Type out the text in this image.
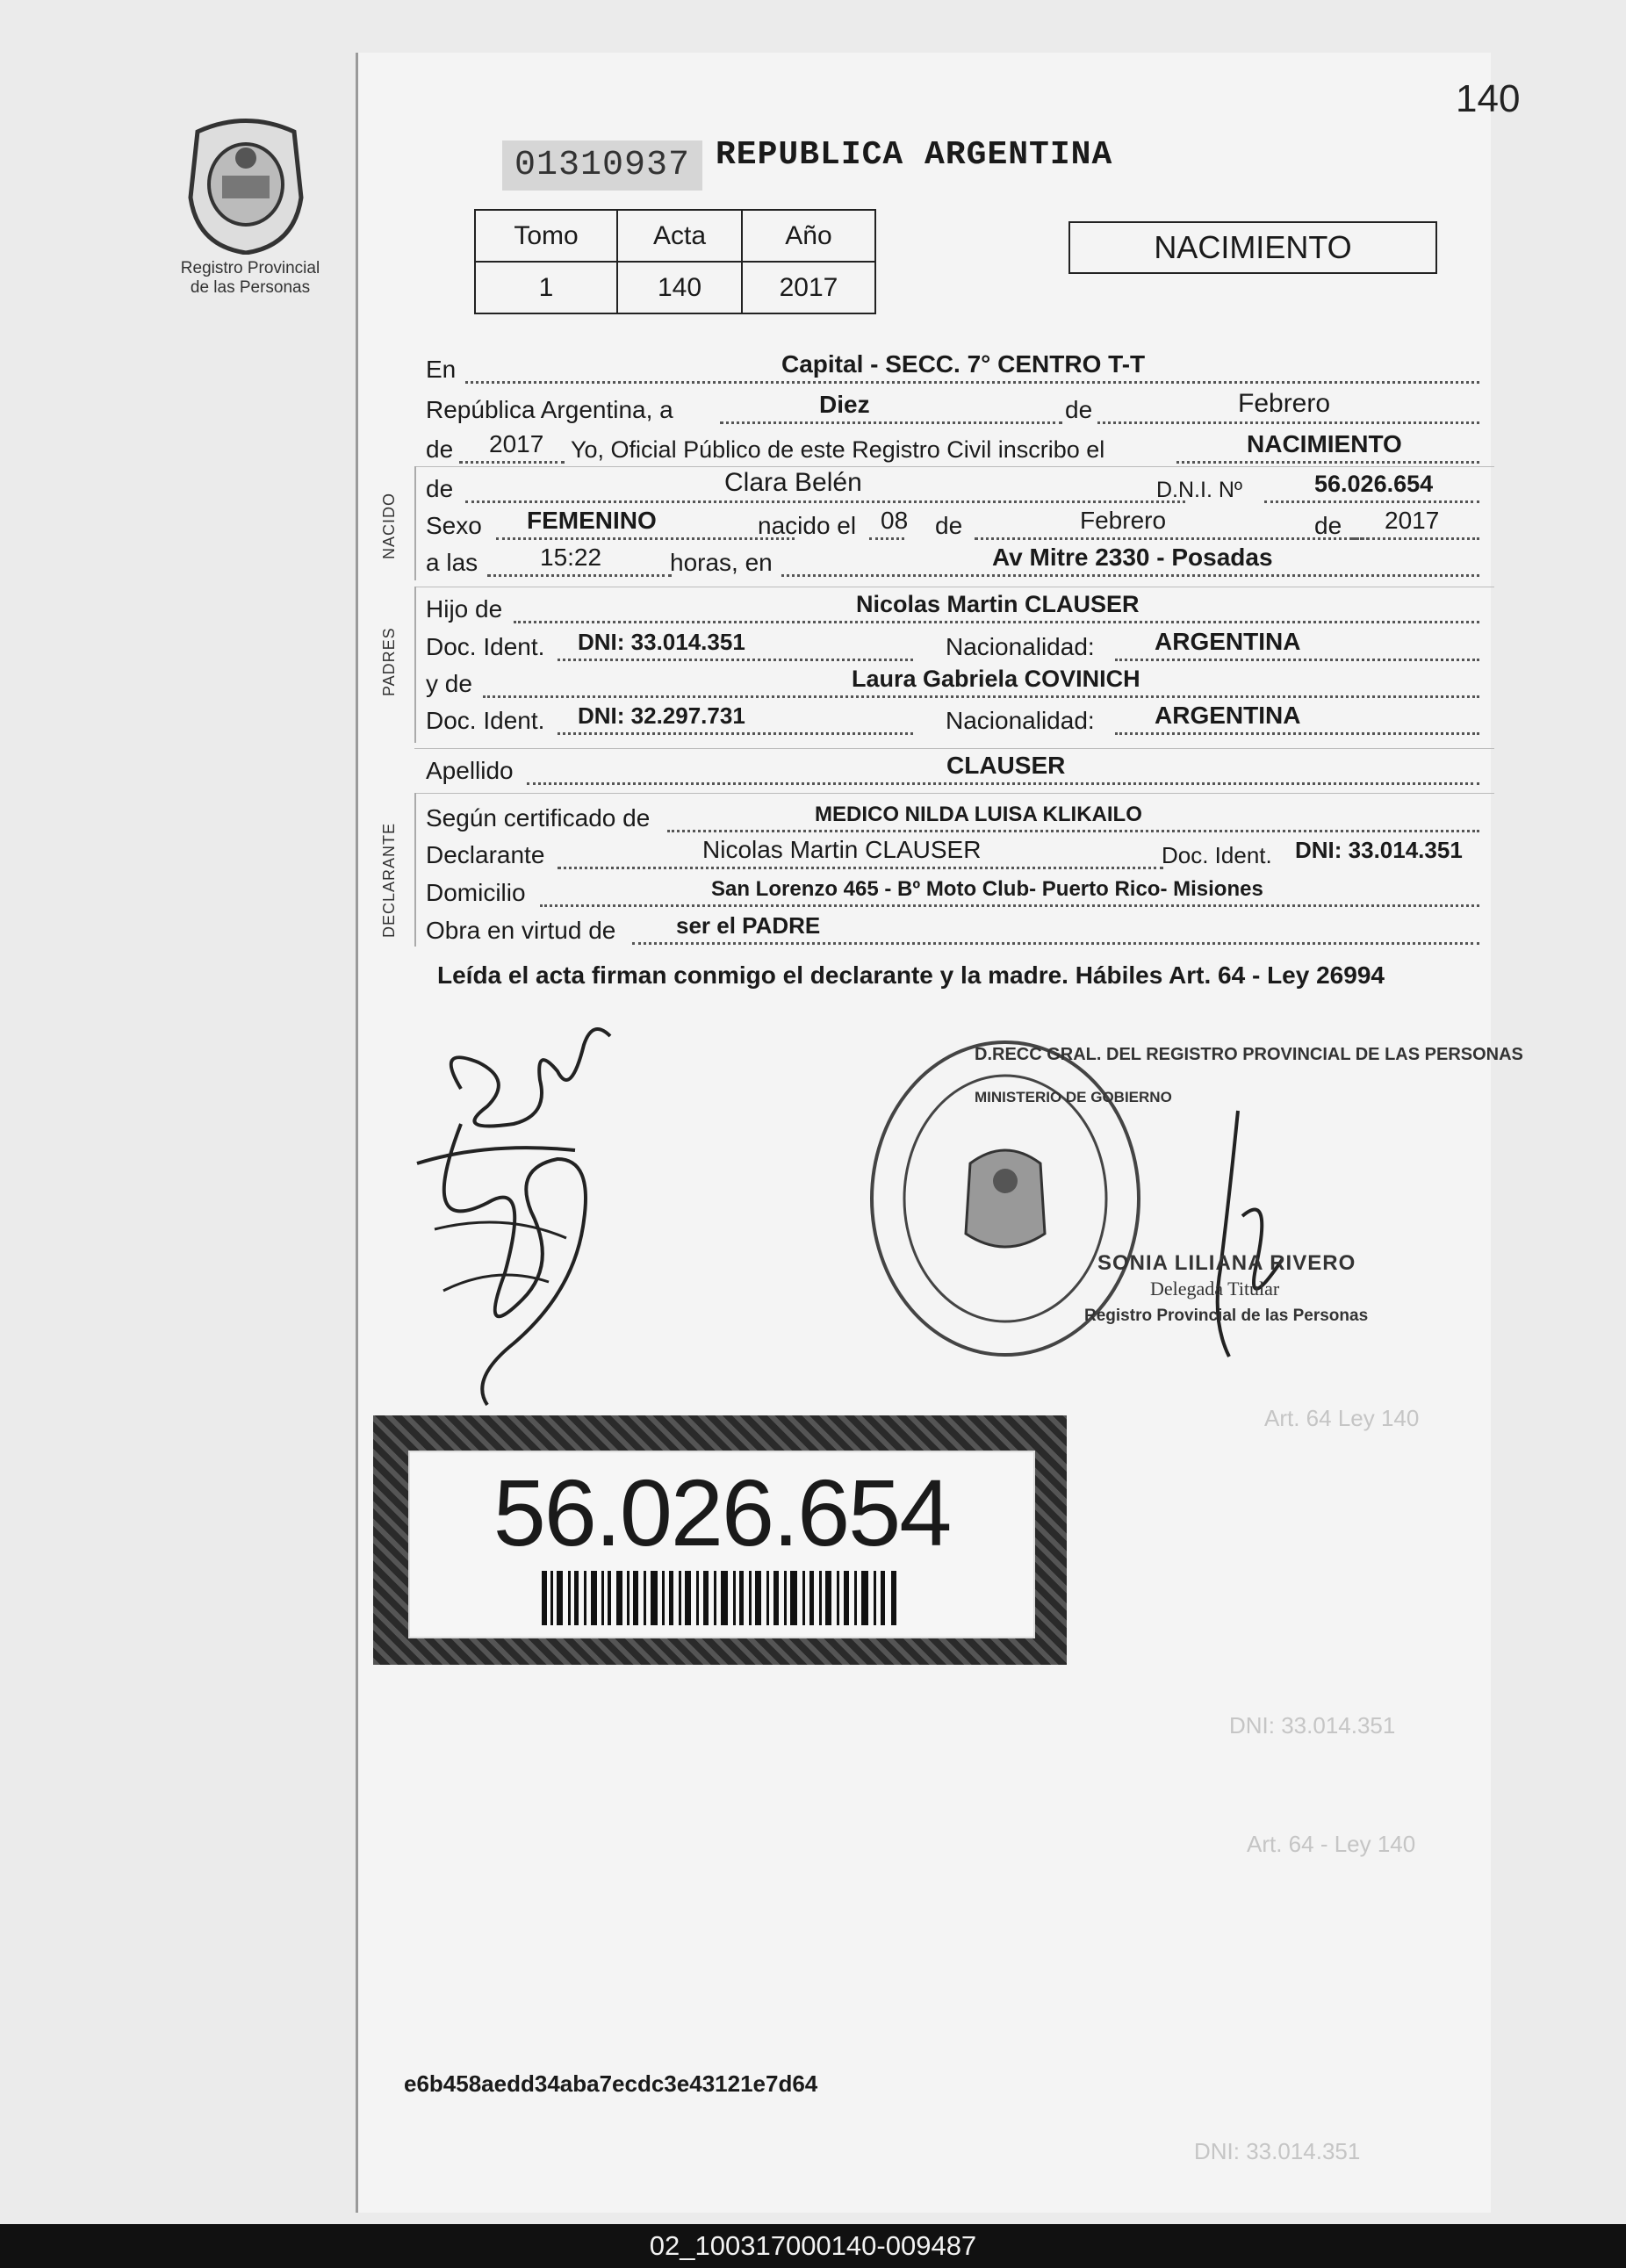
Art. 64 Ley 140
DNI: 33.014.351
Art. 64 - Ley 140
DNI: 33.014.351
140
Registro Provincial
de las Personas
01310937 REPUBLICA ARGENTINA
Tomo	Acta	Año
1	140	2017
NACIMIENTO
En	Capital - SECC. 7° CENTRO T-T
República Argentina, a	Diez	de	Febrero
de 2017 Yo, Oficial Público de este Registro Civil inscribo el	NACIMIENTO
NACIDO
de	Clara Belén	D.N.I. Nº	56.026.654
Sexo FEMENINO	nacido el 08 de	Febrero	de 2017
a las	15:22	horas, en	Av Mitre 2330 - Posadas
PADRES
Hijo de	Nicolas Martin CLAUSER
Doc. Ident. DNI: 33.014.351	Nacionalidad: ARGENTINA
y de	Laura Gabriela COVINICH
Doc. Ident. DNI: 32.297.731	Nacionalidad: ARGENTINA
Apellido	CLAUSER
DECLARANTE
Según certificado de	MEDICO NILDA LUISA KLIKAILO
Declarante	Nicolas Martin CLAUSER	Doc. Ident. DNI: 33.014.351
Domicilio	San Lorenzo 465 - Bº Moto Club- Puerto Rico- Misiones
Obra en virtud de	ser el PADRE
Leída el acta firman conmigo el declarante y la madre. Hábiles Art. 64 - Ley 26994
D.RECC GRAL. DEL REGISTRO PROVINCIAL DE LAS PERSONAS
MINISTERIO DE GOBIERNO
SONIA LILIANA RIVERO
Delegada Titular
Registro Provincial de las Personas
56.026.654
e6b458aedd34aba7ecdc3e43121e7d64
02_100317000140-009487
